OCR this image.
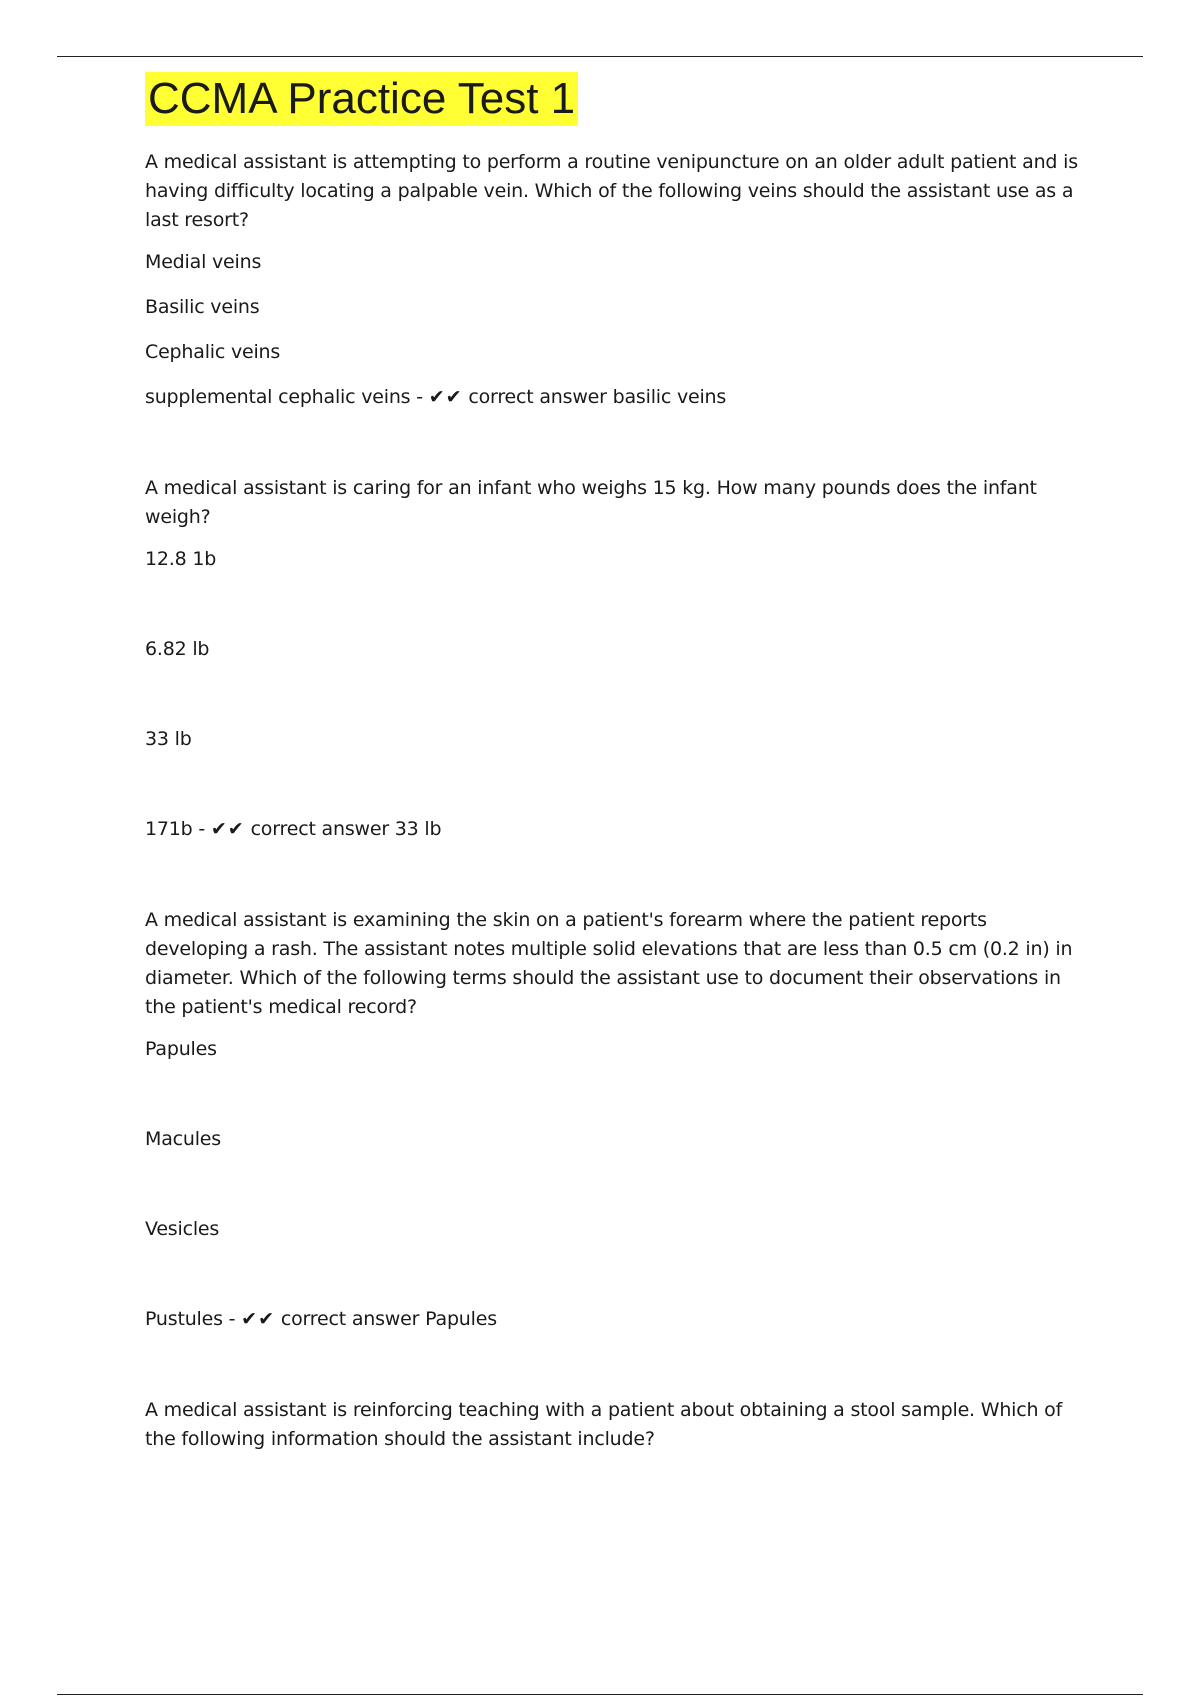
CCMA Practice Test 1

A medical assistant is attempting to perform a routine venipuncture on an older adult patient and is having difficulty locating a palpable vein. Which of the following veins should the assistant use as a last resort?

Medial veins

Basilic veins

Cephalic veins

supplemental cephalic veins - ✔✔ correct answer basilic veins

A medical assistant is caring for an infant who weighs 15 kg. How many pounds does the infant weigh?

12.8 1b

6.82 lb

33 lb

171b - ✔✔ correct answer 33 lb

A medical assistant is examining the skin on a patient's forearm where the patient reports developing a rash. The assistant notes multiple solid elevations that are less than 0.5 cm (0.2 in) in diameter. Which of the following terms should the assistant use to document their observations in the patient's medical record?

Papules

Macules

Vesicles

Pustules - ✔✔ correct answer Papules

A medical assistant is reinforcing teaching with a patient about obtaining a stool sample. Which of the following information should the assistant include?
